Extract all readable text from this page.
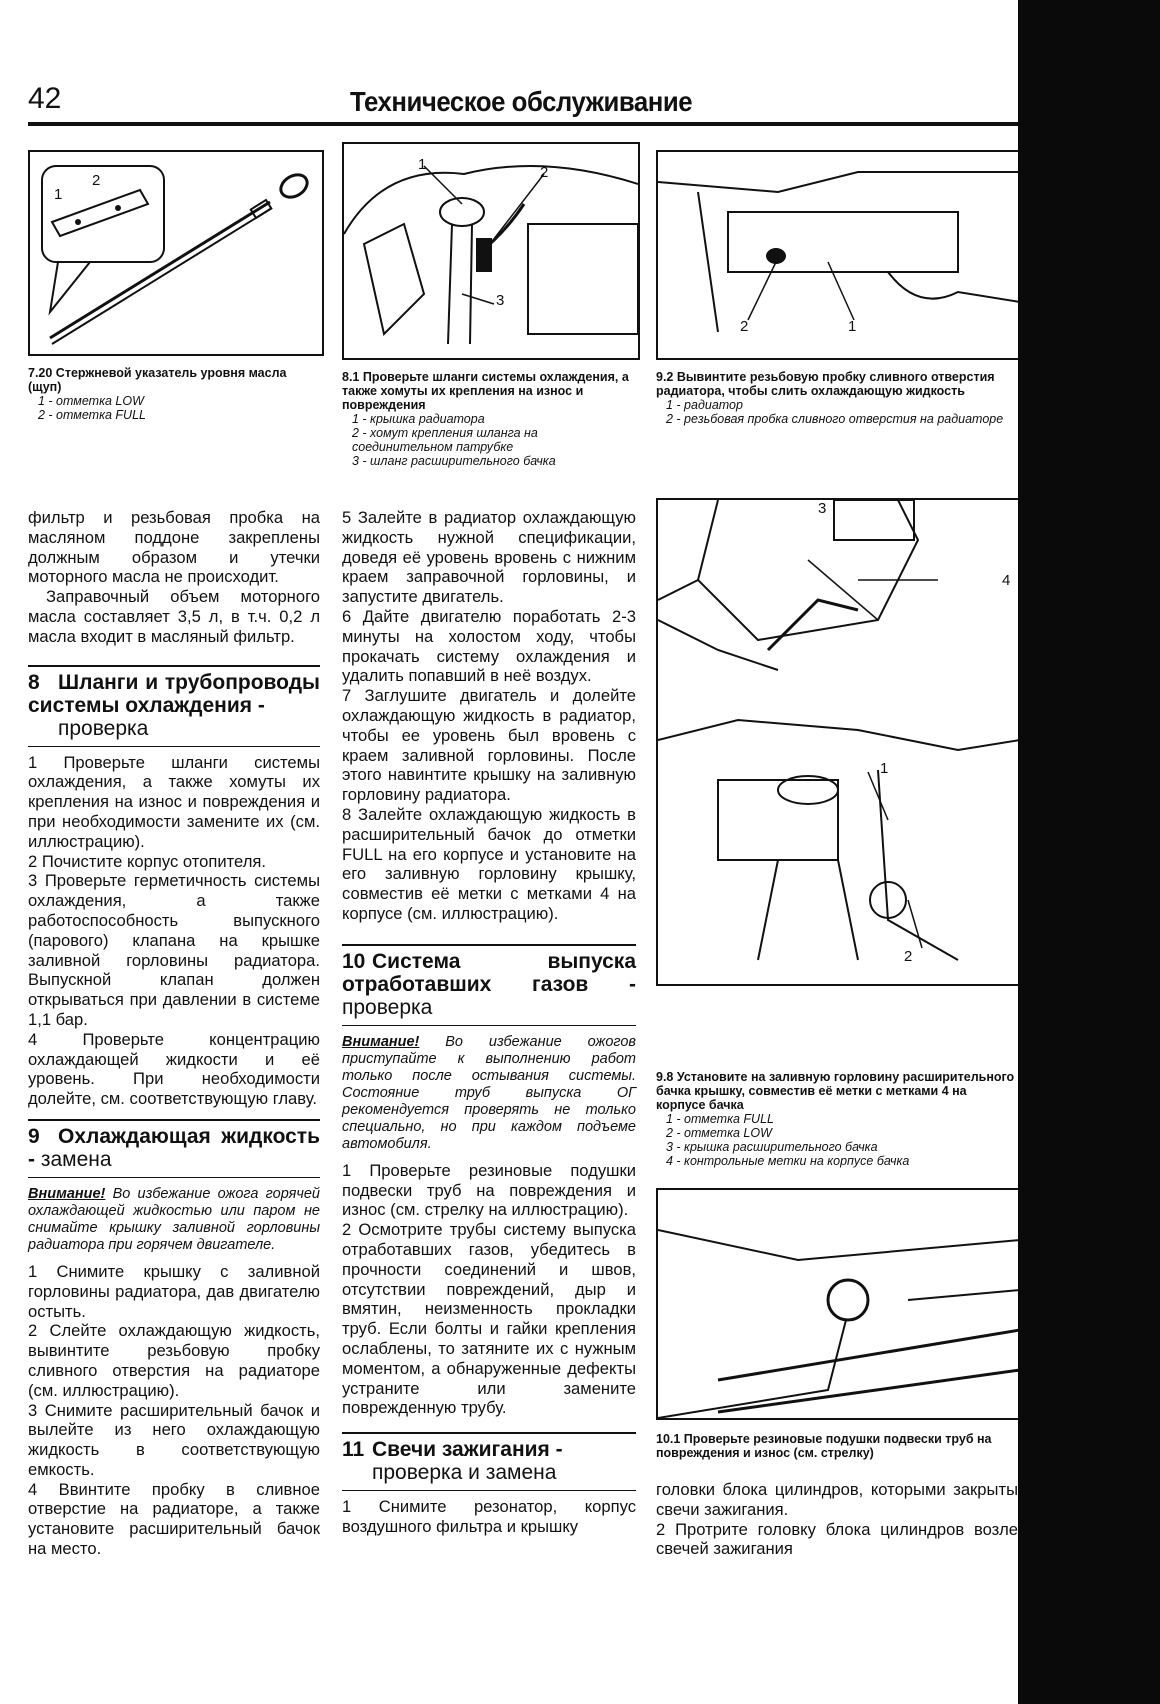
42	Техническое обслуживание
1
2
7.20 Стержневой указатель уровня масла (щуп)
1 - отметка LOW
2 - отметка FULL
1	2
3
8.1 Проверьте шланги системы охлаждения, а также хомуты их крепления на износ и повреждения
1 - крышка радиатора
2 - хомут крепления шланга на соединительном патрубке
3 - шланг расширительного бачка
2	1
9.2 Вывинтите резьбовую пробку сливного отверстия радиатора, чтобы слить охлаждающую жидкость
1 - радиатор
2 - резьбовая пробка сливного отверстия на радиаторе
3
4
1
2
9.8 Установите на заливную горловину расширительного бачка крышку, совместив её метки с метками 4 на корпусе бачка
1 - отметка FULL
2 - отметка LOW
3 - крышка расширительного бачка
4 - контрольные метки на корпусе бачка
10.1 Проверьте резиновые подушки подвески труб на повреждения и износ (см. стрелку)

фильтр и резьбовая пробка на масляном поддоне закреплены должным образом и утечки моторного масла не происходит.

Заправочный объем моторного масла составляет 3,5 л, в т.ч. 0,2 л масла входит в масляный фильтр.

8 Шланги и трубопроводы системы охлаждения -
проверка

1 Проверьте шланги системы охлаждения, а также хомуты их крепления на износ и повреждения и при необходимости замените их (см. иллюстрацию).

2 Почистите корпус отопителя.

3 Проверьте герметичность системы охлаждения, а также работоспособность выпускного (парового) клапана на крышке заливной горловины радиатора. Выпускной клапан должен открываться при давлении в системе 1,1 бар.

4 Проверьте концентрацию охлаждающей жидкости и её уровень. При необходимости долейте, см. соответствующую главу.

9 Охлаждающая жидкость - замена
Внимание! Во избежание ожога горячей охлаждающей жидкостью или паром не снимайте крышку заливной горловины радиатора при горячем двигателе.

1 Снимите крышку с заливной горловины радиатора, дав двигателю остыть.

2 Слейте охлаждающую жидкость, вывинтите резьбовую пробку сливного отверстия на радиаторе (см. иллюстрацию).

3 Снимите расширительный бачок и вылейте из него охлаждающую жидкость в соответствующую емкость.

4 Ввинтите пробку в сливное отверстие на радиаторе, а также установите расширительный бачок на место.

5 Залейте в радиатор охлаждающую жидкость нужной спецификации, доведя её уровень вровень с нижним краем заправочной горловины, и запустите двигатель.

6 Дайте двигателю поработать 2-3 минуты на холостом ходу, чтобы прокачать систему охлаждения и удалить попавший в неё воздух.

7 Заглушите двигатель и долейте охлаждающую жидкость в радиатор, чтобы ее уровень был вровень с краем заливной горловины. После этого навинтите крышку на заливную горловину радиатора.

8 Залейте охлаждающую жидкость в расширительный бачок до отметки FULL на его корпусе и установите на его заливную горловину крышку, совместив её метки с метками 4 на корпусе (см. иллюстрацию).

10 Система выпуска отработавших газов - проверка
Внимание! Во избежание ожогов приступайте к выполнению работ только после остывания системы. Состояние труб выпуска ОГ рекомендуется проверять не только специально, но при каждом подъеме автомобиля.

1 Проверьте резиновые подушки подвески труб на повреждения и износ (см. стрелку на иллюстрацию).

2 Осмотрите трубы систему выпуска отработавших газов, убедитесь в прочности соединений и швов, отсутствии повреждений, дыр и вмятин, неизменность прокладки труб. Если болты и гайки крепления ослаблены, то затяните их с нужным моментом, а обнаруженные дефекты устраните или замените поврежденную трубу.

11 Свечи зажигания -
проверка и замена

1 Снимите резонатор, корпус воздушного фильтра и крышку

головки блока цилиндров, которыми закрыты свечи зажигания.

2 Протрите головку блока цилиндров возле свечей зажигания
